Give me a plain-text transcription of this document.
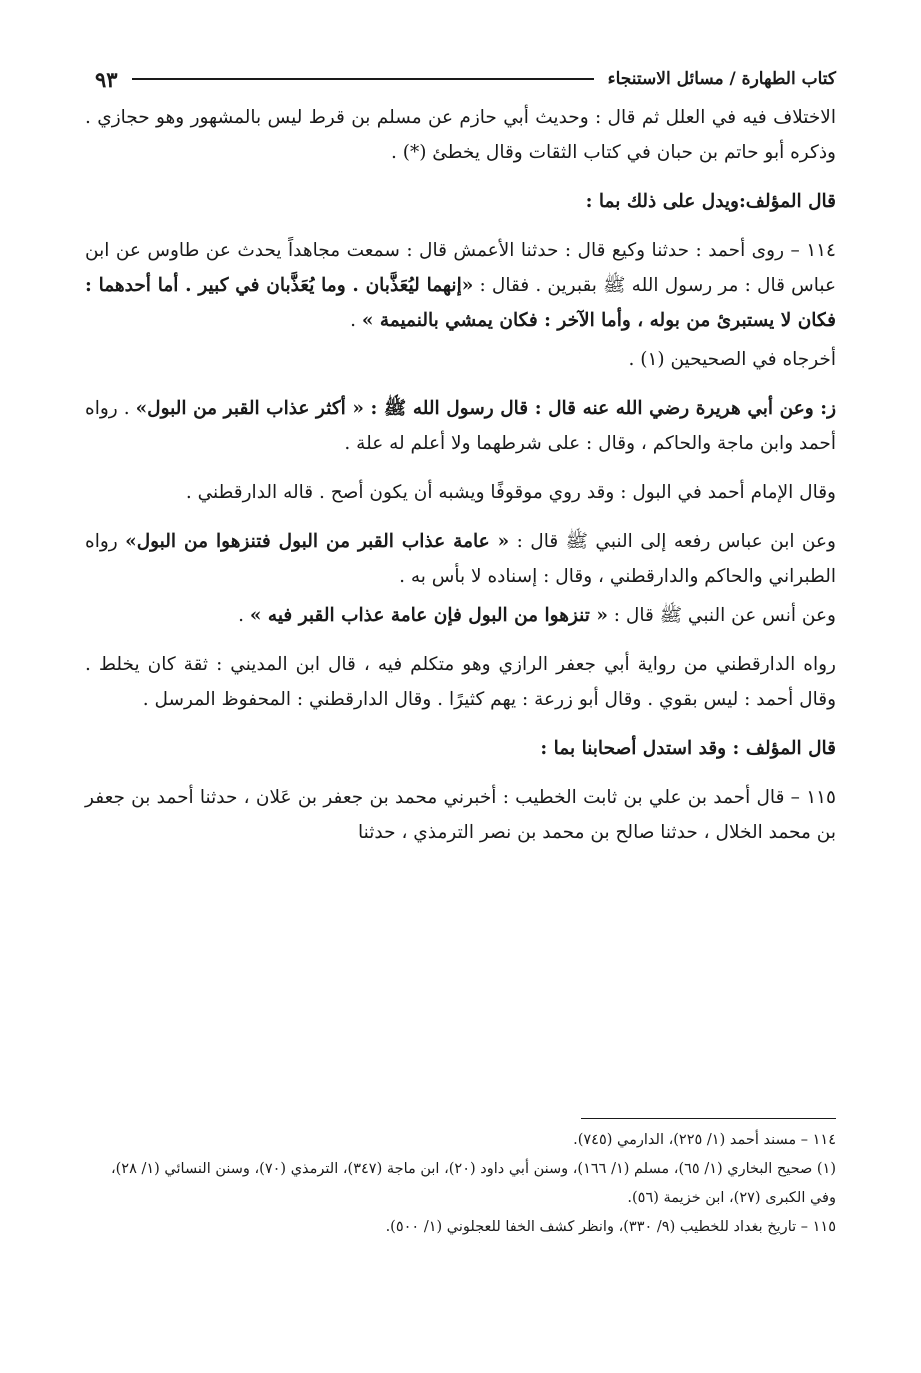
كتاب الطهارة / مسائل الاستنجاء
٩٣

الاختلاف فيه في العلل ثم قال : وحديث أبي حازم عن مسلم بن قرط ليس بالمشهور وهو حجازي . وذكره أبو حاتم بن حبان في كتاب الثقات وقال يخطئ (*) .

قال المؤلف:ويدل على ذلك بما :

١١٤ – روى أحمد : حدثنا وكيع قال : حدثنا الأعمش قال : سمعت مجاهداً يحدث عن طاوس عن ابن عباس قال : مر رسول الله ﷺ بقبرين . فقال : «إنهما ليُعَذَّبان . وما يُعَذَّبان في كبير . أما أحدهما : فكان لا يستبرئ من بوله ، وأما الآخر : فكان يمشي بالنميمة » .

أخرجاه في الصحيحين (١) .

ز: وعن أبي هريرة رضي الله عنه قال : قال رسول الله ﷺ : « أكثر عذاب القبر من البول» . رواه أحمد وابن ماجة والحاكم ، وقال : على شرطهما ولا أعلم له علة .

وقال الإمام أحمد في البول : وقد روي موقوفًا ويشبه أن يكون أصح . قاله الدارقطني .

وعن ابن عباس رفعه إلى النبي ﷺ قال : « عامة عذاب القبر من البول فتنزهوا من البول» رواه الطبراني والحاكم والدارقطني ، وقال : إسناده لا بأس به .

وعن أنس عن النبي ﷺ قال : « تنزهوا من البول فإن عامة عذاب القبر فيه » .

رواه الدارقطني من رواية أبي جعفر الرازي وهو متكلم فيه ، قال ابن المديني : ثقة كان يخلط . وقال أحمد : ليس بقوي . وقال أبو زرعة : يهم كثيرًا . وقال الدارقطني : المحفوظ المرسل .

قال المؤلف : وقد استدل أصحابنا بما :

١١٥ – قال أحمد بن علي بن ثابت الخطيب : أخبرني محمد بن جعفر بن عَلان ، حدثنا أحمد بن جعفر بن محمد الخلال ، حدثنا صالح بن محمد بن نصر الترمذي ، حدثنا

١١٤ – مسند أحمد (١/ ٢٢٥)، الدارمي (٧٤٥).

(١) صحيح البخاري (١/ ٦٥)، مسلم (١/ ١٦٦)، وسنن أبي داود (٢٠)، ابن ماجة (٣٤٧)، الترمذي (٧٠)، وسنن النسائي (١/ ٢٨)، وفي الكبرى (٢٧)، ابن خزيمة (٥٦).

١١٥ – تاريخ بغداد للخطيب (٩/ ٣٣٠)، وانظر كشف الخفا للعجلوني (١/ ٥٠٠).
